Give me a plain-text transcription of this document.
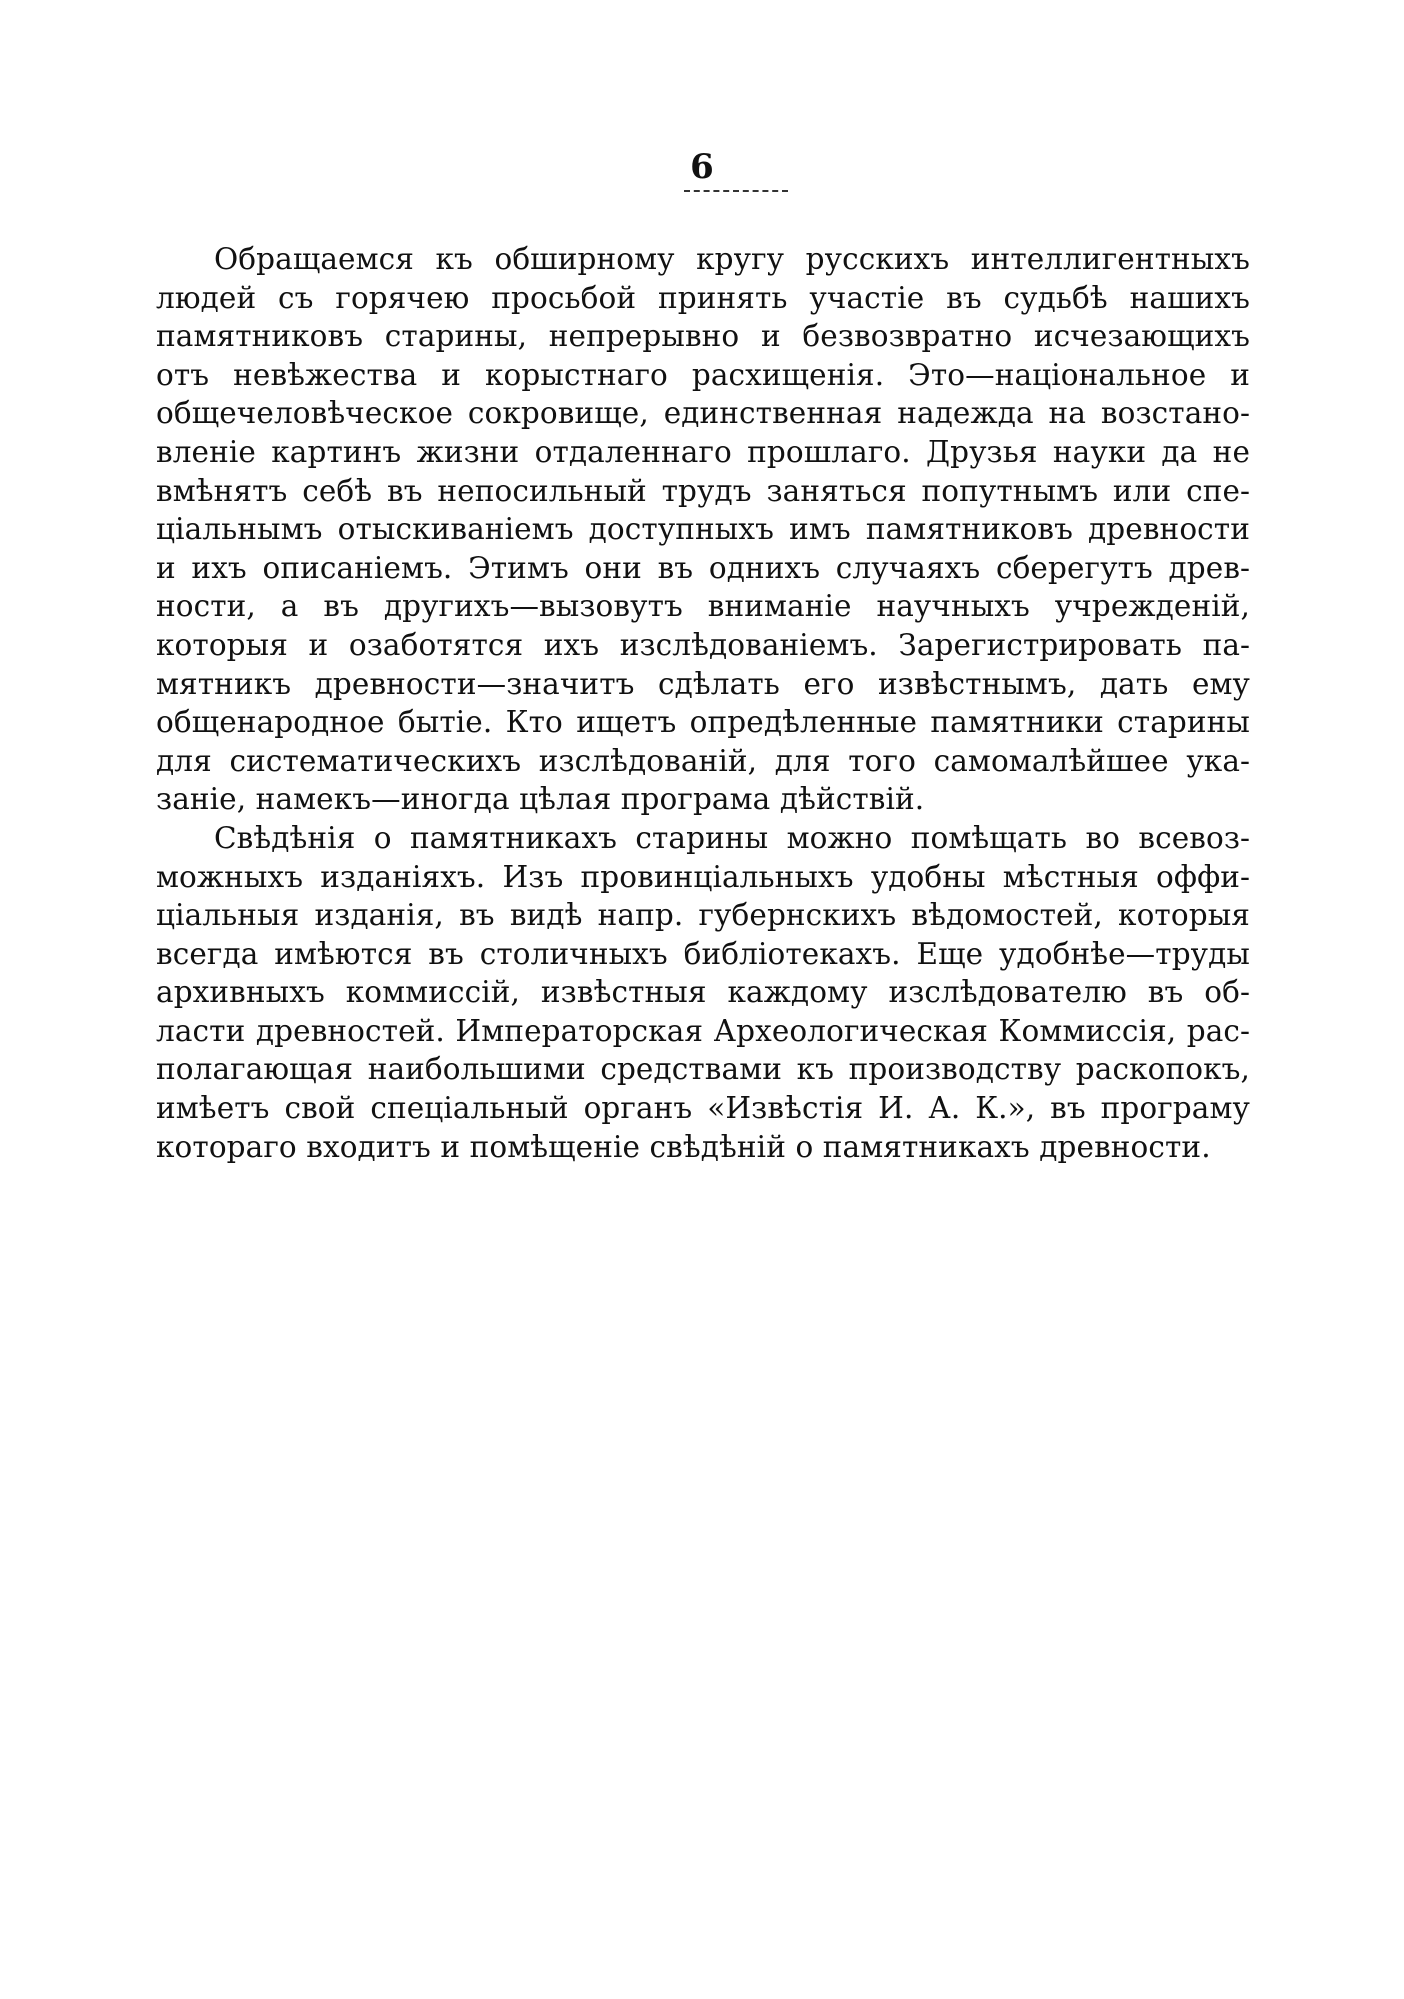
6

Обращаемся къ обширному кругу русскихъ интеллигентныхъ людей съ горячею просьбой принять участіе въ судьбѣ нашихъ памятниковъ старины, непрерывно и безвозвратно исчезающихъ отъ невѣжества и корыстнаго расхищенія. Это—національное и общечеловѣческое сокровище, единственная надежда на возстановленіе картинъ жизни отдаленнаго прошлаго. Друзья науки да не вмѣнятъ себѣ въ непосильный трудъ заняться попутнымъ или спеціальнымъ отыскиваніемъ доступныхъ имъ памятниковъ древности и ихъ описаніемъ. Этимъ они въ однихъ случаяхъ сберегутъ древности, а въ другихъ—вызовутъ вниманіе научныхъ учрежденій, которыя и озаботятся ихъ изслѣдованіемъ. Зарегистрировать памятникъ древности—значитъ сдѣлать его извѣстнымъ, дать ему общенародное бытіе. Кто ищетъ опредѣленные памятники старины для систематическихъ изслѣдованій, для того самомалѣйшее указаніе, намекъ—иногда цѣлая програма дѣйствій.

Свѣдѣнія о памятникахъ старины можно помѣщать во всевозможныхъ изданіяхъ. Изъ провинціальныхъ удобны мѣстныя оффиціальныя изданія, въ видѣ напр. губернскихъ вѣдомостей, которыя всегда имѣются въ столичныхъ библіотекахъ. Еще удобнѣе—труды архивныхъ коммиссій, извѣстныя каждому изслѣдователю въ области древностей. Императорская Археологическая Коммиссія, располагающая наибольшими средствами къ производству раскопокъ, имѣетъ свой спеціальный органъ «Извѣстія И. А. К.», въ програму котораго входитъ и помѣщеніе свѣдѣній о памятникахъ древности.
